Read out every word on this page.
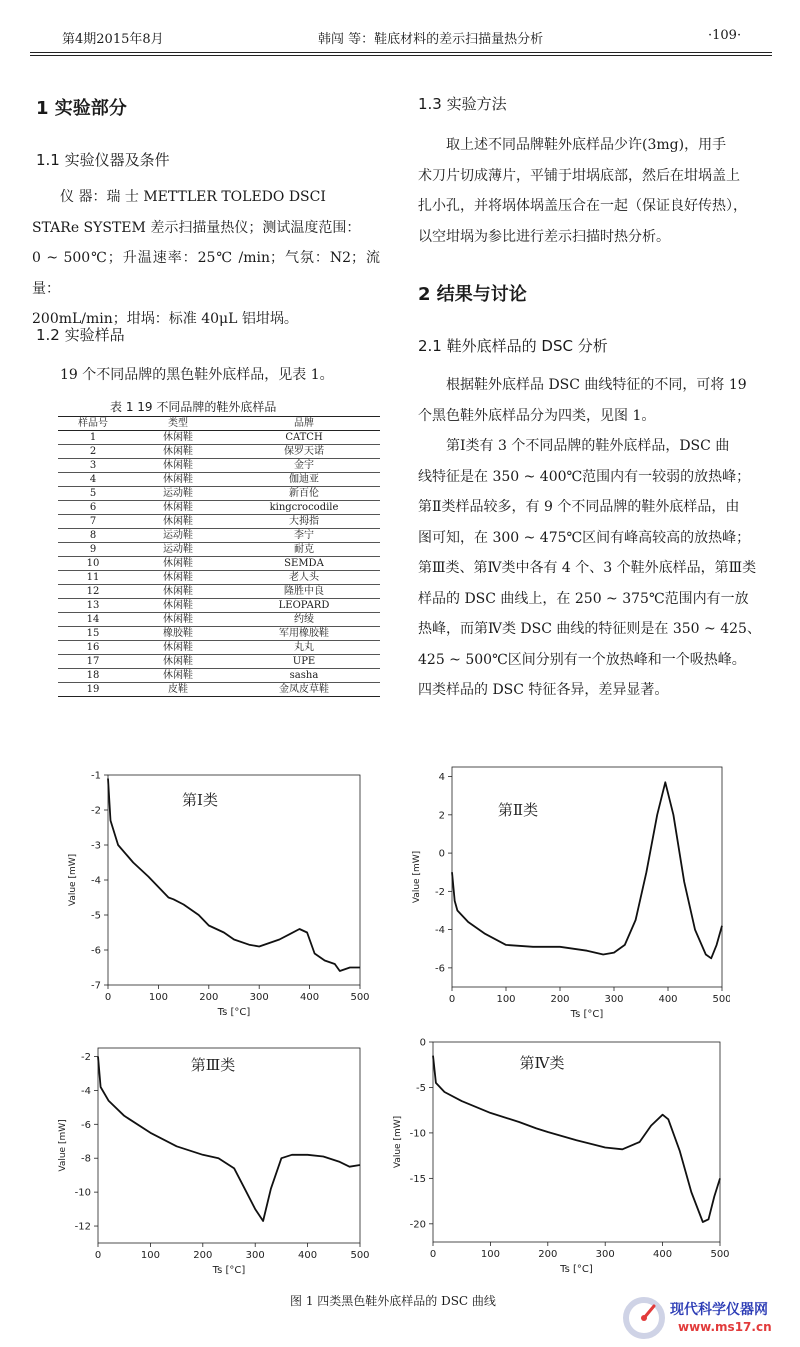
第4期2015年8月	韩闯 等：鞋底材料的差示扫描量热分析	·109·
1 实验部分
1.1 实验仪器及条件
仪 器：瑞 士 METTLER TOLEDO DSCI
STARe SYSTEM 差示扫描量热仪；测试温度范围：
0 ~ 500℃；升温速率：25℃ /min；气氛：N2；流量：
200mL/min；坩埚：标准 40μL 铝坩埚。
1.2 实验样品
19 个不同品牌的黑色鞋外底样品，见表 1。
表 1 19 不同品牌的鞋外底样品
样品号	类型	品牌
1	休闲鞋	CATCH
2	休闲鞋	保罗天诺
3	休闲鞋	金宇
4	休闲鞋	伽迪亚
5	运动鞋	新百伦
6	休闲鞋	kingcrocodile
7	休闲鞋	大拇指
8	运动鞋	李宁
9	运动鞋	耐克
10	休闲鞋	SEMDA
11	休闲鞋	老人头
12	休闲鞋	隆胜中良
13	休闲鞋	LEOPARD
14	休闲鞋	约绫
15	橡胶鞋	军用橡胶鞋
16	休闲鞋	丸丸
17	休闲鞋	UPE
18	休闲鞋	sasha
19	皮鞋	金凤皮草鞋
1.3 实验方法
取上述不同品牌鞋外底样品少许(3mg)，用手
术刀片切成薄片，平铺于坩埚底部，然后在坩埚盖上
扎小孔，并将埚体埚盖压合在一起（保证良好传热），
以空坩埚为参比进行差示扫描时热分析。
2 结果与讨论
2.1 鞋外底样品的 DSC 分析
根据鞋外底样品 DSC 曲线特征的不同，可将 19
个黑色鞋外底样品分为四类，见图 1。
第Ⅰ类有 3 个不同品牌的鞋外底样品，DSC 曲
线特征是在 350 ~ 400℃范围内有一较弱的放热峰；
第Ⅱ类样品较多，有 9 个不同品牌的鞋外底样品，由
图可知，在 300 ~ 475℃区间有峰高较高的放热峰；
第Ⅲ类、第Ⅳ类中各有 4 个、3 个鞋外底样品，第Ⅲ类
样品的 DSC 曲线上，在 250 ~ 375℃范围内有一放
热峰，而第Ⅳ类 DSC 曲线的特征则是在 350 ~ 425、
425 ~ 500℃区间分别有一个放热峰和一个吸热峰。
四类样品的 DSC 特征各异，差异显著。
0	100	200	300	400	500
-1
-2
-3
-4
-5
-6
-7
Ts [°C]
Value [mW]
第Ⅰ类
0	100	200	300	400	500
4
2
0
-2
-4
-6
Ts [°C]
Value [mW]
第Ⅱ类
0	100	200	300	400	500
-2
-4
-6
-8
-10
-12
Ts [°C]
Value [mW]
第Ⅲ类
0	100	200	300	400	500
0
-5
-10
-15
-20
Ts [°C]
Value [mW]
第Ⅳ类
图 1 四类黑色鞋外底样品的 DSC 曲线
现代科学仪器网
www.ms17.cn
